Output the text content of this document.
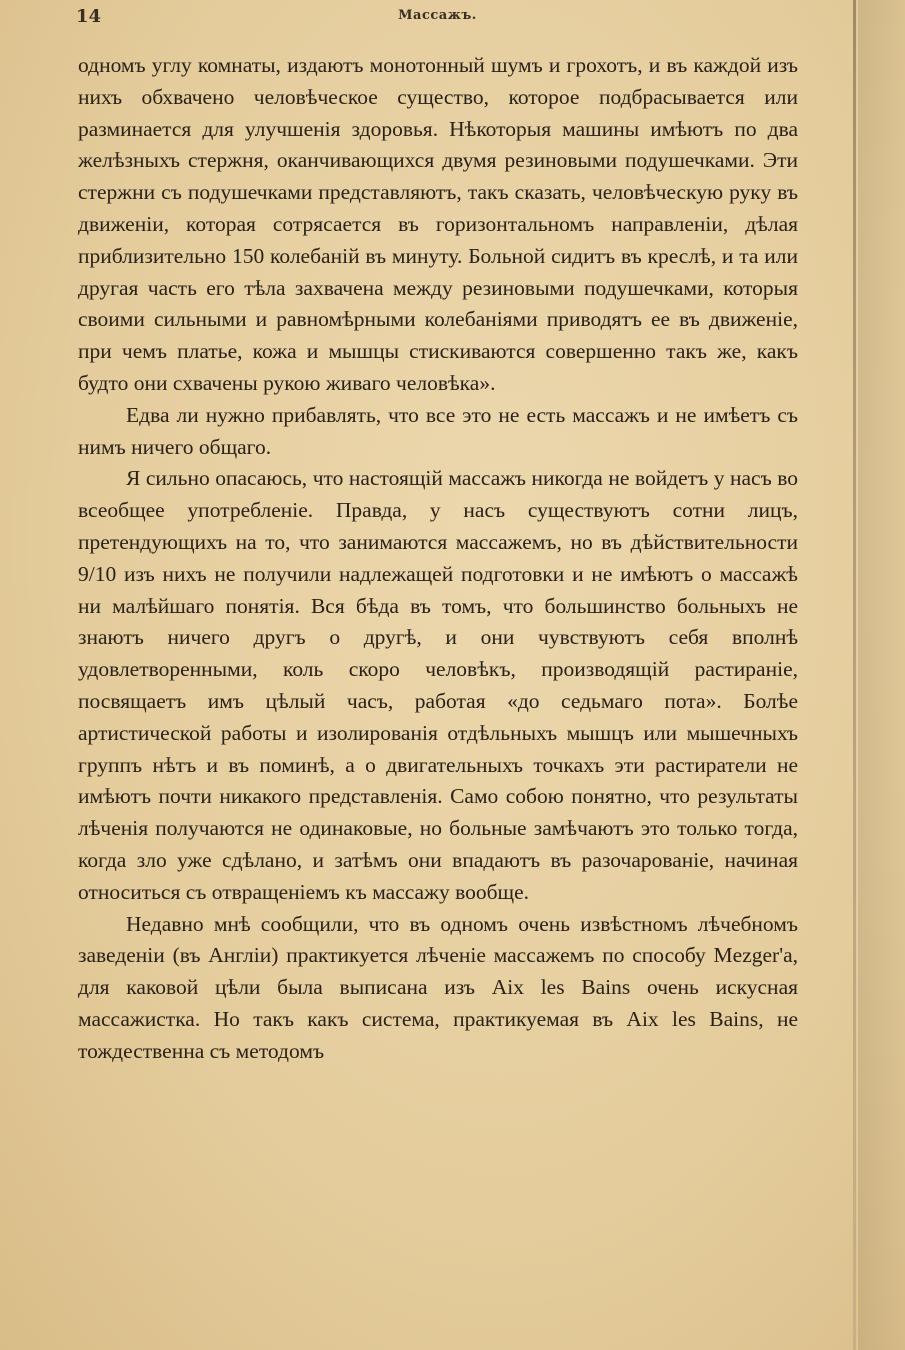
14	Массажъ.

одномъ углу комнаты, издаютъ монотонный шумъ и грохотъ, и въ каждой изъ нихъ обхвачено человѣческое существо, которое подбрасывается или разминается для улучшенія здоровья. Нѣкоторыя машины имѣютъ по два желѣзныхъ стержня, оканчивающихся двумя резиновыми подушечками. Эти стержни съ подушечками представляютъ, такъ сказать, человѣческую руку въ движеніи, которая сотрясается въ горизонтальномъ направленіи, дѣлая приблизительно 150 колебаній въ минуту. Больной сидитъ въ креслѣ, и та или другая часть его тѣла захвачена между резиновыми подушечками, которыя своими сильными и равномѣрными колебаніями приводятъ ее въ движеніе, при чемъ платье, кожа и мышцы стискиваются совершенно такъ же, какъ будто они схвачены рукою живаго человѣка».

Едва ли нужно прибавлять, что все это не есть массажъ и не имѣетъ съ нимъ ничего общаго.

Я сильно опасаюсь, что настоящій массажъ никогда не войдетъ у насъ во всеобщее употребленіе. Правда, у насъ существуютъ сотни лицъ, претендующихъ на то, что занимаются массажемъ, но въ дѣйствительности 9/10 изъ нихъ не получили надлежащей подготовки и не имѣютъ о массажѣ ни малѣйшаго понятія. Вся бѣда въ томъ, что большинство больныхъ не знаютъ ничего другъ о другѣ, и они чувствуютъ себя вполнѣ удовлетворенными, коль скоро человѣкъ, производящій растираніе, посвящаетъ имъ цѣлый часъ, работая «до седьмаго пота». Болѣе артистической работы и изолированія отдѣльныхъ мышцъ или мышечныхъ группъ нѣтъ и въ поминѣ, а о двигательныхъ точкахъ эти растиратели не имѣютъ почти никакого представленія. Само собою понятно, что результаты лѣченія получаются не одинаковые, но больные замѣчаютъ это только тогда, когда зло уже сдѣлано, и затѣмъ они впадаютъ въ разочарованіе, начиная относиться съ отвращеніемъ къ массажу вообще.

Недавно мнѣ сообщили, что въ одномъ очень извѣстномъ лѣчебномъ заведеніи (въ Англіи) практикуется лѣченіе массажемъ по способу Mezger'а, для каковой цѣли была выписана изъ Aix les Bains очень искусная массажистка. Но такъ какъ система, практикуемая въ Aix les Bains, не тождественна съ методомъ
